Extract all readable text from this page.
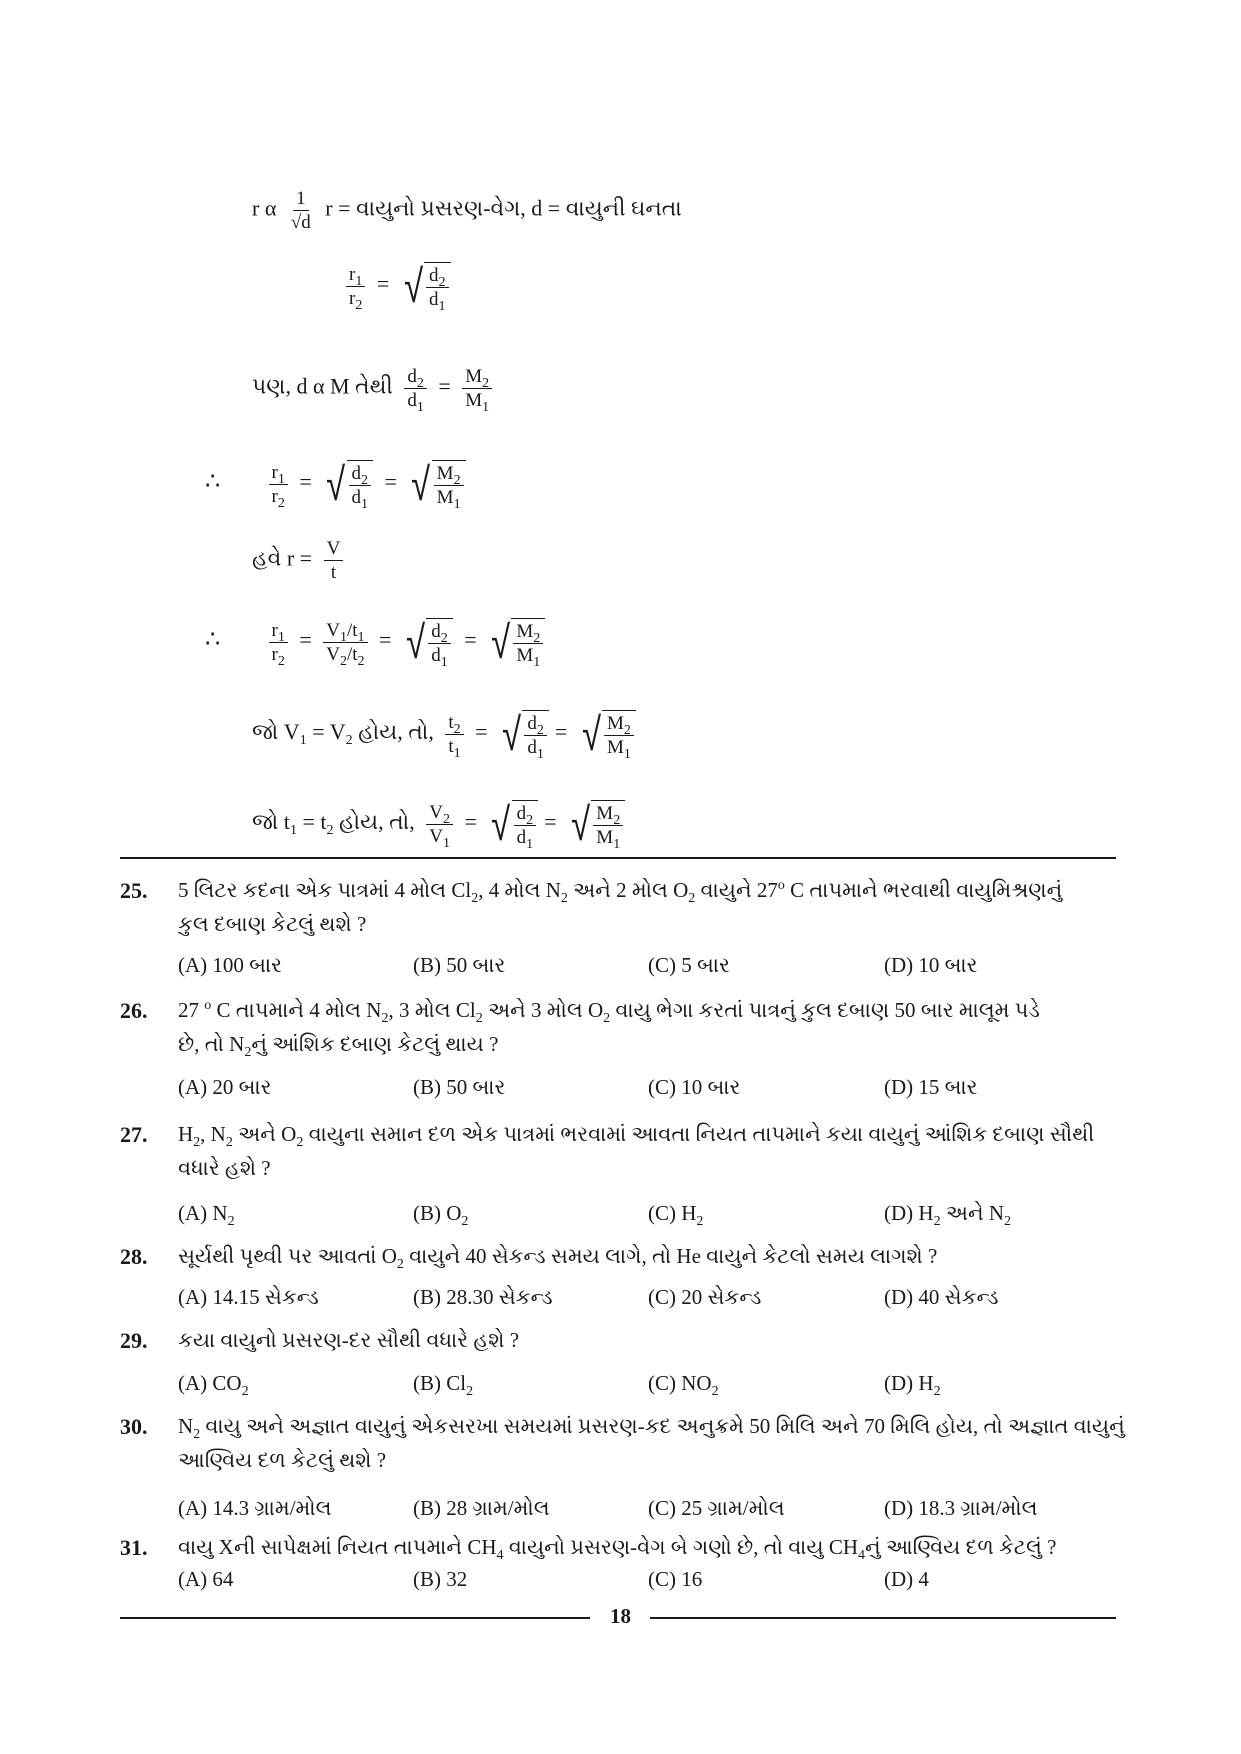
r α $\frac{1}{√d}$ r = વાયુનો પ્રસરણ-વેગ, d = વાયુની ઘનતા
$\frac{r_1}{r_2}$ = √ $\frac{d_2}{d_1}$
પણ, d α M તેથી $\frac{d_2}{d_1} = \frac{M_2}{M_1}$
∴	$\frac{r_1}{r_2}$ = √ $\frac{d_2}{d_1}$ = √ $\frac{M_2}{M_1}$
હવે $r = \frac{V}{t}$
∴	$\frac{r_1}{r_2} = \frac{V_1/t_1}{V_2/t_2}$ = √ $\frac{d_2}{d_1}$ = √ $\frac{M_2}{M_1}$
જો $V_1 = V_2$ હોય, તો, $\frac{t_2}{t_1}$ = √ $\frac{d_2}{d_1}$ = √ $\frac{M_2}{M_1}$
જો $t_1 = t_2$ હોય, તો, $\frac{V_2}{V_1}$ = √ $\frac{d_2}{d_1}$ = √ $\frac{M_2}{M_1}$
25. 5 લિટર કદના એક પાત્રમાં 4 મોલ $Cl_2$, 4 મોલ $N_2$ અને 2 મોલ $O_2$ વાયુને 27$^o$ C તાપમાને ભરવાથી વાયુમિશ્રણનું
કુલ દબાણ કેટલું થશે ?
(A) 100 બાર	(B) 50 બાર	(C) 5 બાર	(D) 10 બાર
26. 27 $^o$ C તાપમાને 4 મોલ $N_2$, 3 મોલ $Cl_2$ અને 3 મોલ $O_2$ વાયુ ભેગા કરતાં પાત્રનું કુલ દબાણ 50 બાર માલૂમ પડે
છે, તો $N_2નું$ આંશિક દબાણ કેટલું થાય ?
(A) 20 બાર	(B) 50 બાર	(C) 10 બાર	(D) 15 બાર
27. $H_2$, $N_2$ અને $O_2$ વાયુના સમાન દળ એક પાત્રમાં ભરવામાં આવતા નિયત તાપમાને કયા વાયુનું આંશિક દબાણ સૌથી
વધારે હશે ?
(A) $N_2$	(B) $O_2$	(C) $H_2$	(D) $H_2$ અને $N_2$
28. સૂર્યથી પૃથ્વી પર આવતાં $O_2$ વાયુને 40 સેકન્ડ સમય લાગે, તો He વાયુને કેટલો સમય લાગશે ?
(A) 14.15 સેકન્ડ	(B) 28.30 સેકન્ડ	(C) 20 સેકન્ડ	(D) 40 સેકન્ડ
29. કયા વાયુનો પ્રસરણ-દર સૌથી વધારે હશે ?
(A) $CO_2$	(B) $Cl_2$	(C) $NO_2$	(D) $H_2$
30. $N_2$ વાયુ અને અજ્ઞાત વાયુનું એકસરખા સમયમાં પ્રસરણ-કદ અનુક્રમે 50 મિલિ અને 70 મિલિ હોય, તો અજ્ઞાત વાયુનું
આણ્વિય દળ કેટલું થશે ?
(A) 14.3 ગ્રામ/મોલ	(B) 28 ગ્રામ/મોલ	(C) 25 ગ્રામ/મોલ	(D) 18.3 ગ્રામ/મોલ
31. વાયુ Xની સાપેક્ષમાં નિયત તાપમાને $CH_4$ વાયુનો પ્રસરણ-વેગ બે ગણો છે, તો વાયુ $CH_4નું$ આણ્વિય દળ કેટલું ?
(A) 64	(B) 32	(C) 16	(D) 4
18
